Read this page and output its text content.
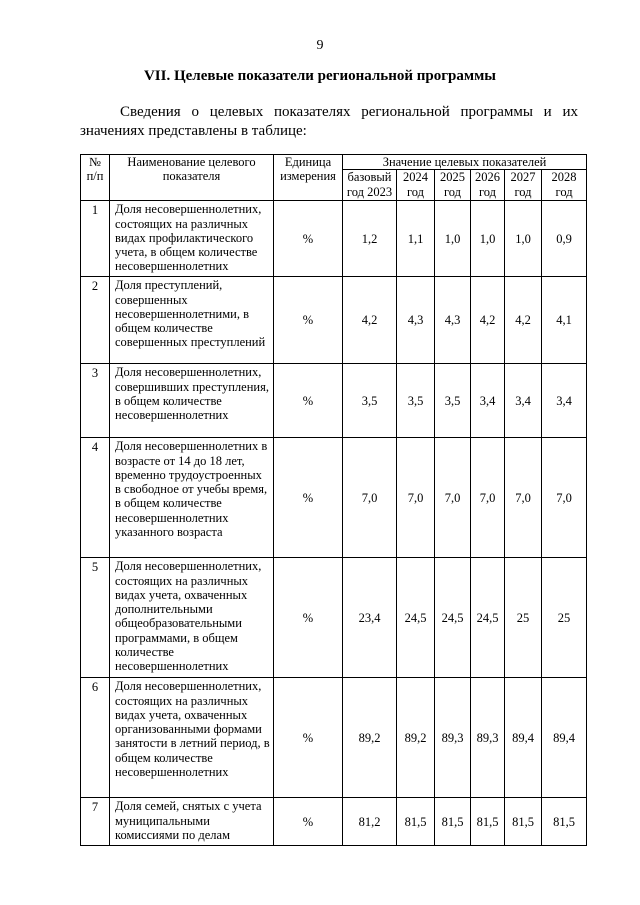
9
VII. Целевые показатели региональной программы
Сведения о целевых показателях региональной программы и их значениях представлены в таблице:
№ п/п	Наименование целевого показателя	Единица измерения	Значение целевых показателей					
			базовый год 2023	2024 год	2025 год	2026 год	2027 год	2028 год
1	Доля несовершеннолетних, состоящих на различных видах профилактического учета, в общем количестве несовершеннолетних	%	1,2	1,1	1,0	1,0	1,0	0,9
2	Доля преступлений, совершенных несовершеннолетними, в общем количестве совершенных преступлений	%	4,2	4,3	4,3	4,2	4,2	4,1
3	Доля несовершеннолетних, совершивших преступления, в общем количестве несовершеннолетних	%	3,5	3,5	3,5	3,4	3,4	3,4
4	Доля несовершеннолетних в возрасте от 14 до 18 лет, временно трудоустроенных в свободное от учебы время, в общем количестве несовершеннолетних указанного возраста	%	7,0	7,0	7,0	7,0	7,0	7,0
5	Доля несовершеннолетних, состоящих на различных видах учета, охваченных дополнительными общеобразовательными программами, в общем количестве несовершеннолетних	%	23,4	24,5	24,5	24,5	25	25
6	Доля несовершеннолетних, состоящих на различных видах учета, охваченных организованными формами занятости в летний период, в общем количестве несовершеннолетних	%	89,2	89,2	89,3	89,3	89,4	89,4
7	Доля семей, снятых с учета муниципальными комиссиями по делам	%	81,2	81,5	81,5	81,5	81,5	81,5
